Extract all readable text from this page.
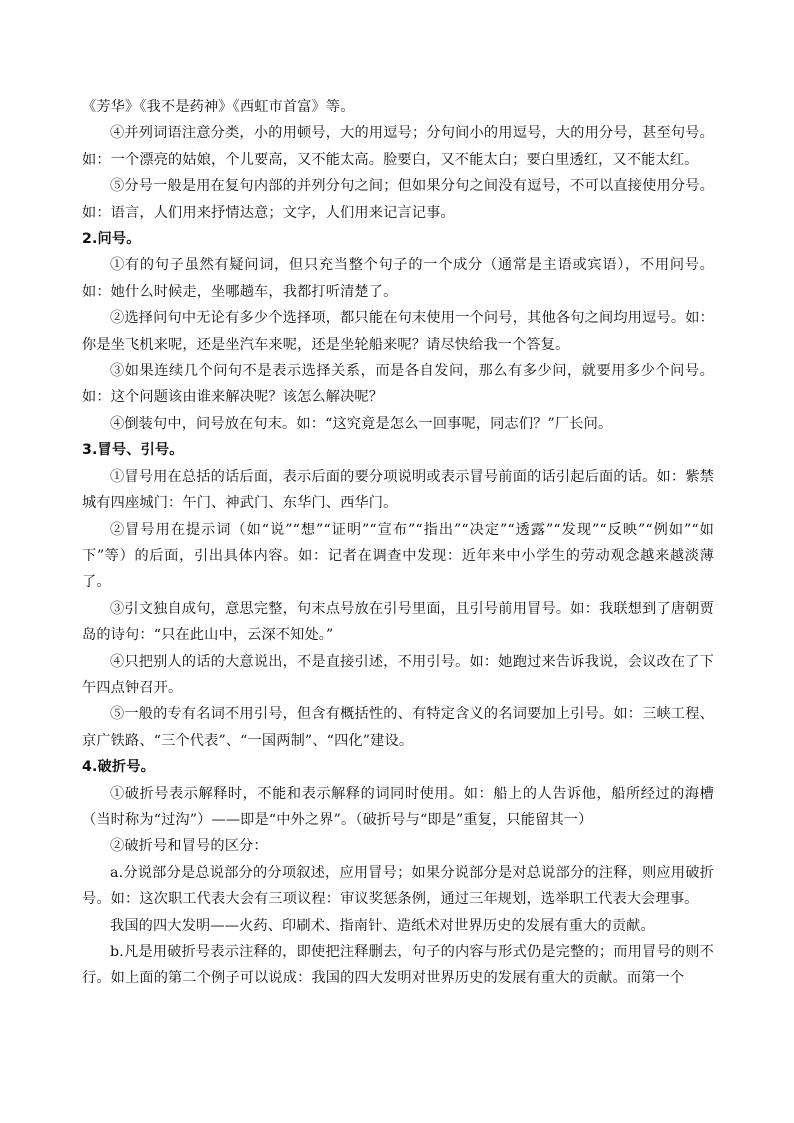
《芳华》《我不是药神》《西虹市首富》等。

④并列词语注意分类，小的用顿号，大的用逗号；分句间小的用逗号，大的用分号，甚至句号。如：一个漂亮的姑娘，个儿要高，又不能太高。脸要白，又不能太白；要白里透红，又不能太红。

⑤分号一般是用在复句内部的并列分句之间；但如果分句之间没有逗号，不可以直接使用分号。如：语言，人们用来抒情达意；文字，人们用来记言记事。

2.问号。

①有的句子虽然有疑问词，但只充当整个句子的一个成分（通常是主语或宾语），不用问号。如：她什么时候走，坐哪趟车，我都打听清楚了。

②选择问句中无论有多少个选择项，都只能在句末使用一个问号，其他各句之间均用逗号。如：你是坐飞机来呢，还是坐汽车来呢，还是坐轮船来呢？请尽快给我一个答复。

③如果连续几个问句不是表示选择关系，而是各自发问，那么有多少问，就要用多少个问号。如：这个问题该由谁来解决呢？该怎么解决呢？

④倒装句中，问号放在句末。如：“这究竟是怎么一回事呢，同志们？”厂长问。

3.冒号、引号。

①冒号用在总括的话后面，表示后面的要分项说明或表示冒号前面的话引起后面的话。如：紫禁城有四座城门：午门、神武门、东华门、西华门。

②冒号用在提示词（如“说”“想”“证明”“宣布”“指出”“决定”“透露”“发现”“反映”“例如”“如下”等）的后面，引出具体内容。如：记者在调查中发现：近年来中小学生的劳动观念越来越淡薄了。

③引文独自成句，意思完整，句末点号放在引号里面，且引号前用冒号。如：我联想到了唐朝贾岛的诗句：“只在此山中，云深不知处。”

④只把别人的话的大意说出，不是直接引述，不用引号。如：她跑过来告诉我说，会议改在了下午四点钟召开。

⑤一般的专有名词不用引号，但含有概括性的、有特定含义的名词要加上引号。如：三峡工程、京广铁路、“三个代表”、“一国两制”、“四化”建设。

4.破折号。

①破折号表示解释时，不能和表示解释的词同时使用。如：船上的人告诉他，船所经过的海槽（当时称为“过沟”）——即是“中外之界”。（破折号与“即是”重复，只能留其一）

②破折号和冒号的区分：

a.分说部分是总说部分的分项叙述，应用冒号；如果分说部分是对总说部分的注释，则应用破折号。如：这次职工代表大会有三项议程：审议奖惩条例，通过三年规划，选举职工代表大会理事。

我国的四大发明——火药、印刷术、指南针、造纸术对世界历史的发展有重大的贡献。

b.凡是用破折号表示注释的，即使把注释删去，句子的内容与形式仍是完整的；而用冒号的则不行。如上面的第二个例子可以说成：我国的四大发明对世界历史的发展有重大的贡献。而第一个
